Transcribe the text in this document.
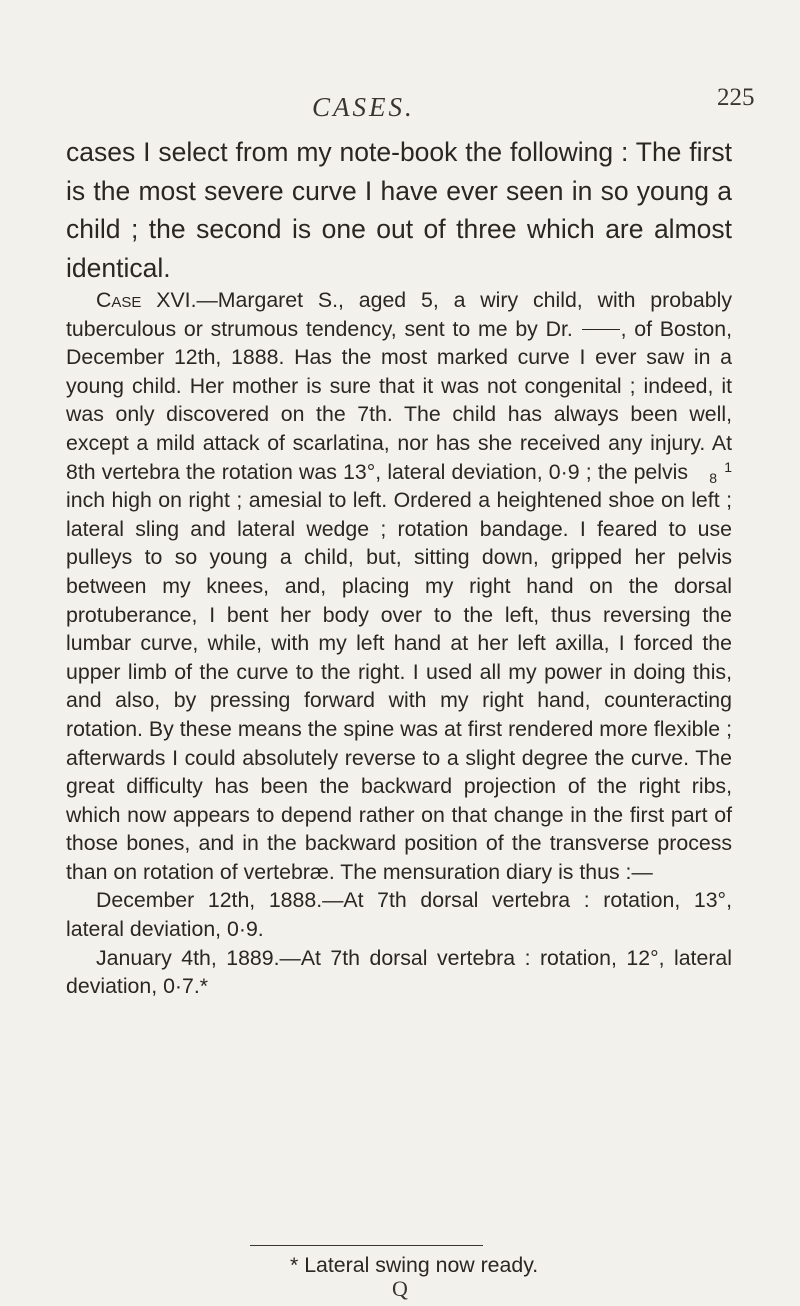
CASES.	225

cases I select from my note-book the following : The first is the most severe curve I have ever seen in so young a child ; the second is one out of three which are almost identical.

Case XVI.—Margaret S., aged 5, a wiry child, with probably tuberculous or strumous tendency, sent to me by Dr. , of Boston, December 12th, 1888. Has the most marked curve I ever saw in a young child. Her mother is sure that it was not congenital ; indeed, it was only discovered on the 7th. The child has always been well, except a mild attack of scarlatina, nor has she received any injury. At 8th vertebra the rotation was 13°, lateral deviation, 0·9 ; the pelvis	1
8 inch high on right ; amesial to left. Ordered a heightened shoe on left ; lateral sling and lateral wedge ; rotation bandage. I feared to use pulleys to so young a child, but, sitting down, gripped her pelvis between my knees, and, placing my right hand on the dorsal protuberance, I bent her body over to the left, thus reversing the lumbar curve, while, with my left hand at her left axilla, I forced the upper limb of the curve to the right. I used all my power in doing this, and also, by pressing forward with my right hand, counteracting rotation. By these means the spine was at first rendered more flexible ; afterwards I could absolutely reverse to a slight degree the curve. The great difficulty has been the backward projection of the right ribs, which now appears to depend rather on that change in the first part of those bones, and in the backward position of the transverse process than on rotation of vertebræ. The mensuration diary is thus :—

December 12th, 1888.—At 7th dorsal vertebra : rotation, 13°, lateral deviation, 0·9.

January 4th, 1889.—At 7th dorsal vertebra : rotation, 12°, lateral deviation, 0·7.*

* Lateral swing now ready.
Q
